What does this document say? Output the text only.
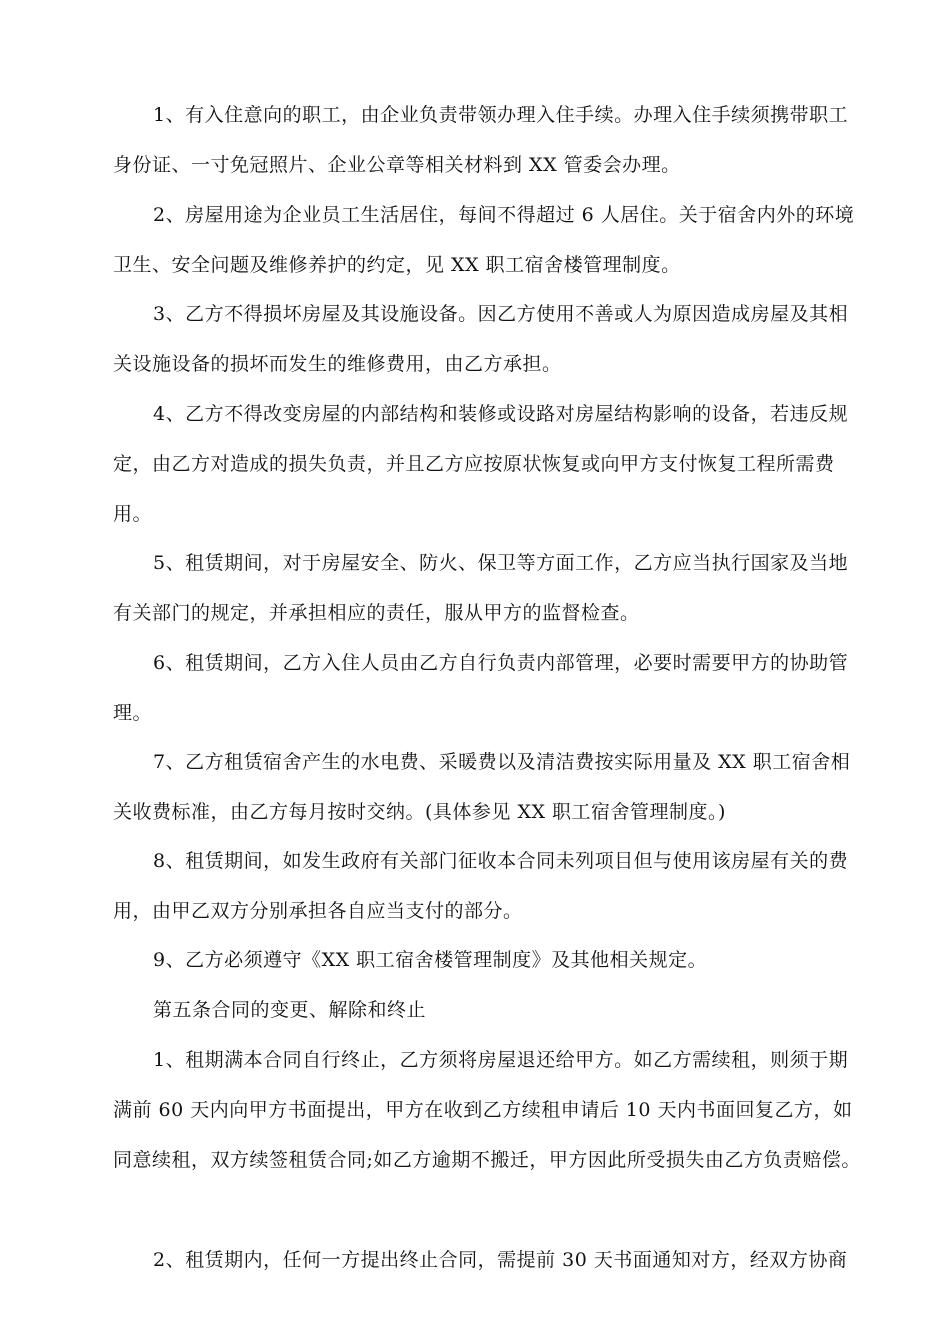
1、有入住意向的职工，由企业负责带领办理入住手续。办理入住手续须携带职工
身份证、一寸免冠照片、企业公章等相关材料到 XX 管委会办理。
2、房屋用途为企业员工生活居住，每间不得超过 6 人居住。关于宿舍内外的环境
卫生、安全问题及维修养护的约定，见 XX 职工宿舍楼管理制度。
3、乙方不得损坏房屋及其设施设备。因乙方使用不善或人为原因造成房屋及其相
关设施设备的损坏而发生的维修费用，由乙方承担。
4、乙方不得改变房屋的内部结构和装修或设路对房屋结构影响的设备，若违反规
定，由乙方对造成的损失负责，并且乙方应按原状恢复或向甲方支付恢复工程所需费
用。
5、租赁期间，对于房屋安全、防火、保卫等方面工作，乙方应当执行国家及当地
有关部门的规定，并承担相应的责任，服从甲方的监督检查。
6、租赁期间，乙方入住人员由乙方自行负责内部管理，必要时需要甲方的协助管
理。
7、乙方租赁宿舍产生的水电费、采暖费以及清洁费按实际用量及 XX 职工宿舍相
关收费标准，由乙方每月按时交纳。(具体参见 XX 职工宿舍管理制度。)
8、租赁期间，如发生政府有关部门征收本合同未列项目但与使用该房屋有关的费
用，由甲乙双方分别承担各自应当支付的部分。
9、乙方必须遵守《XX 职工宿舍楼管理制度》及其他相关规定。
第五条合同的变更、解除和终止
1、租期满本合同自行终止，乙方须将房屋退还给甲方。如乙方需续租，则须于期
满前 60 天内向甲方书面提出，甲方在收到乙方续租申请后 10 天内书面回复乙方，如
同意续租，双方续签租赁合同;如乙方逾期不搬迁，甲方因此所受损失由乙方负责赔偿。
2、租赁期内，任何一方提出终止合同，需提前 30 天书面通知对方，经双方协商
